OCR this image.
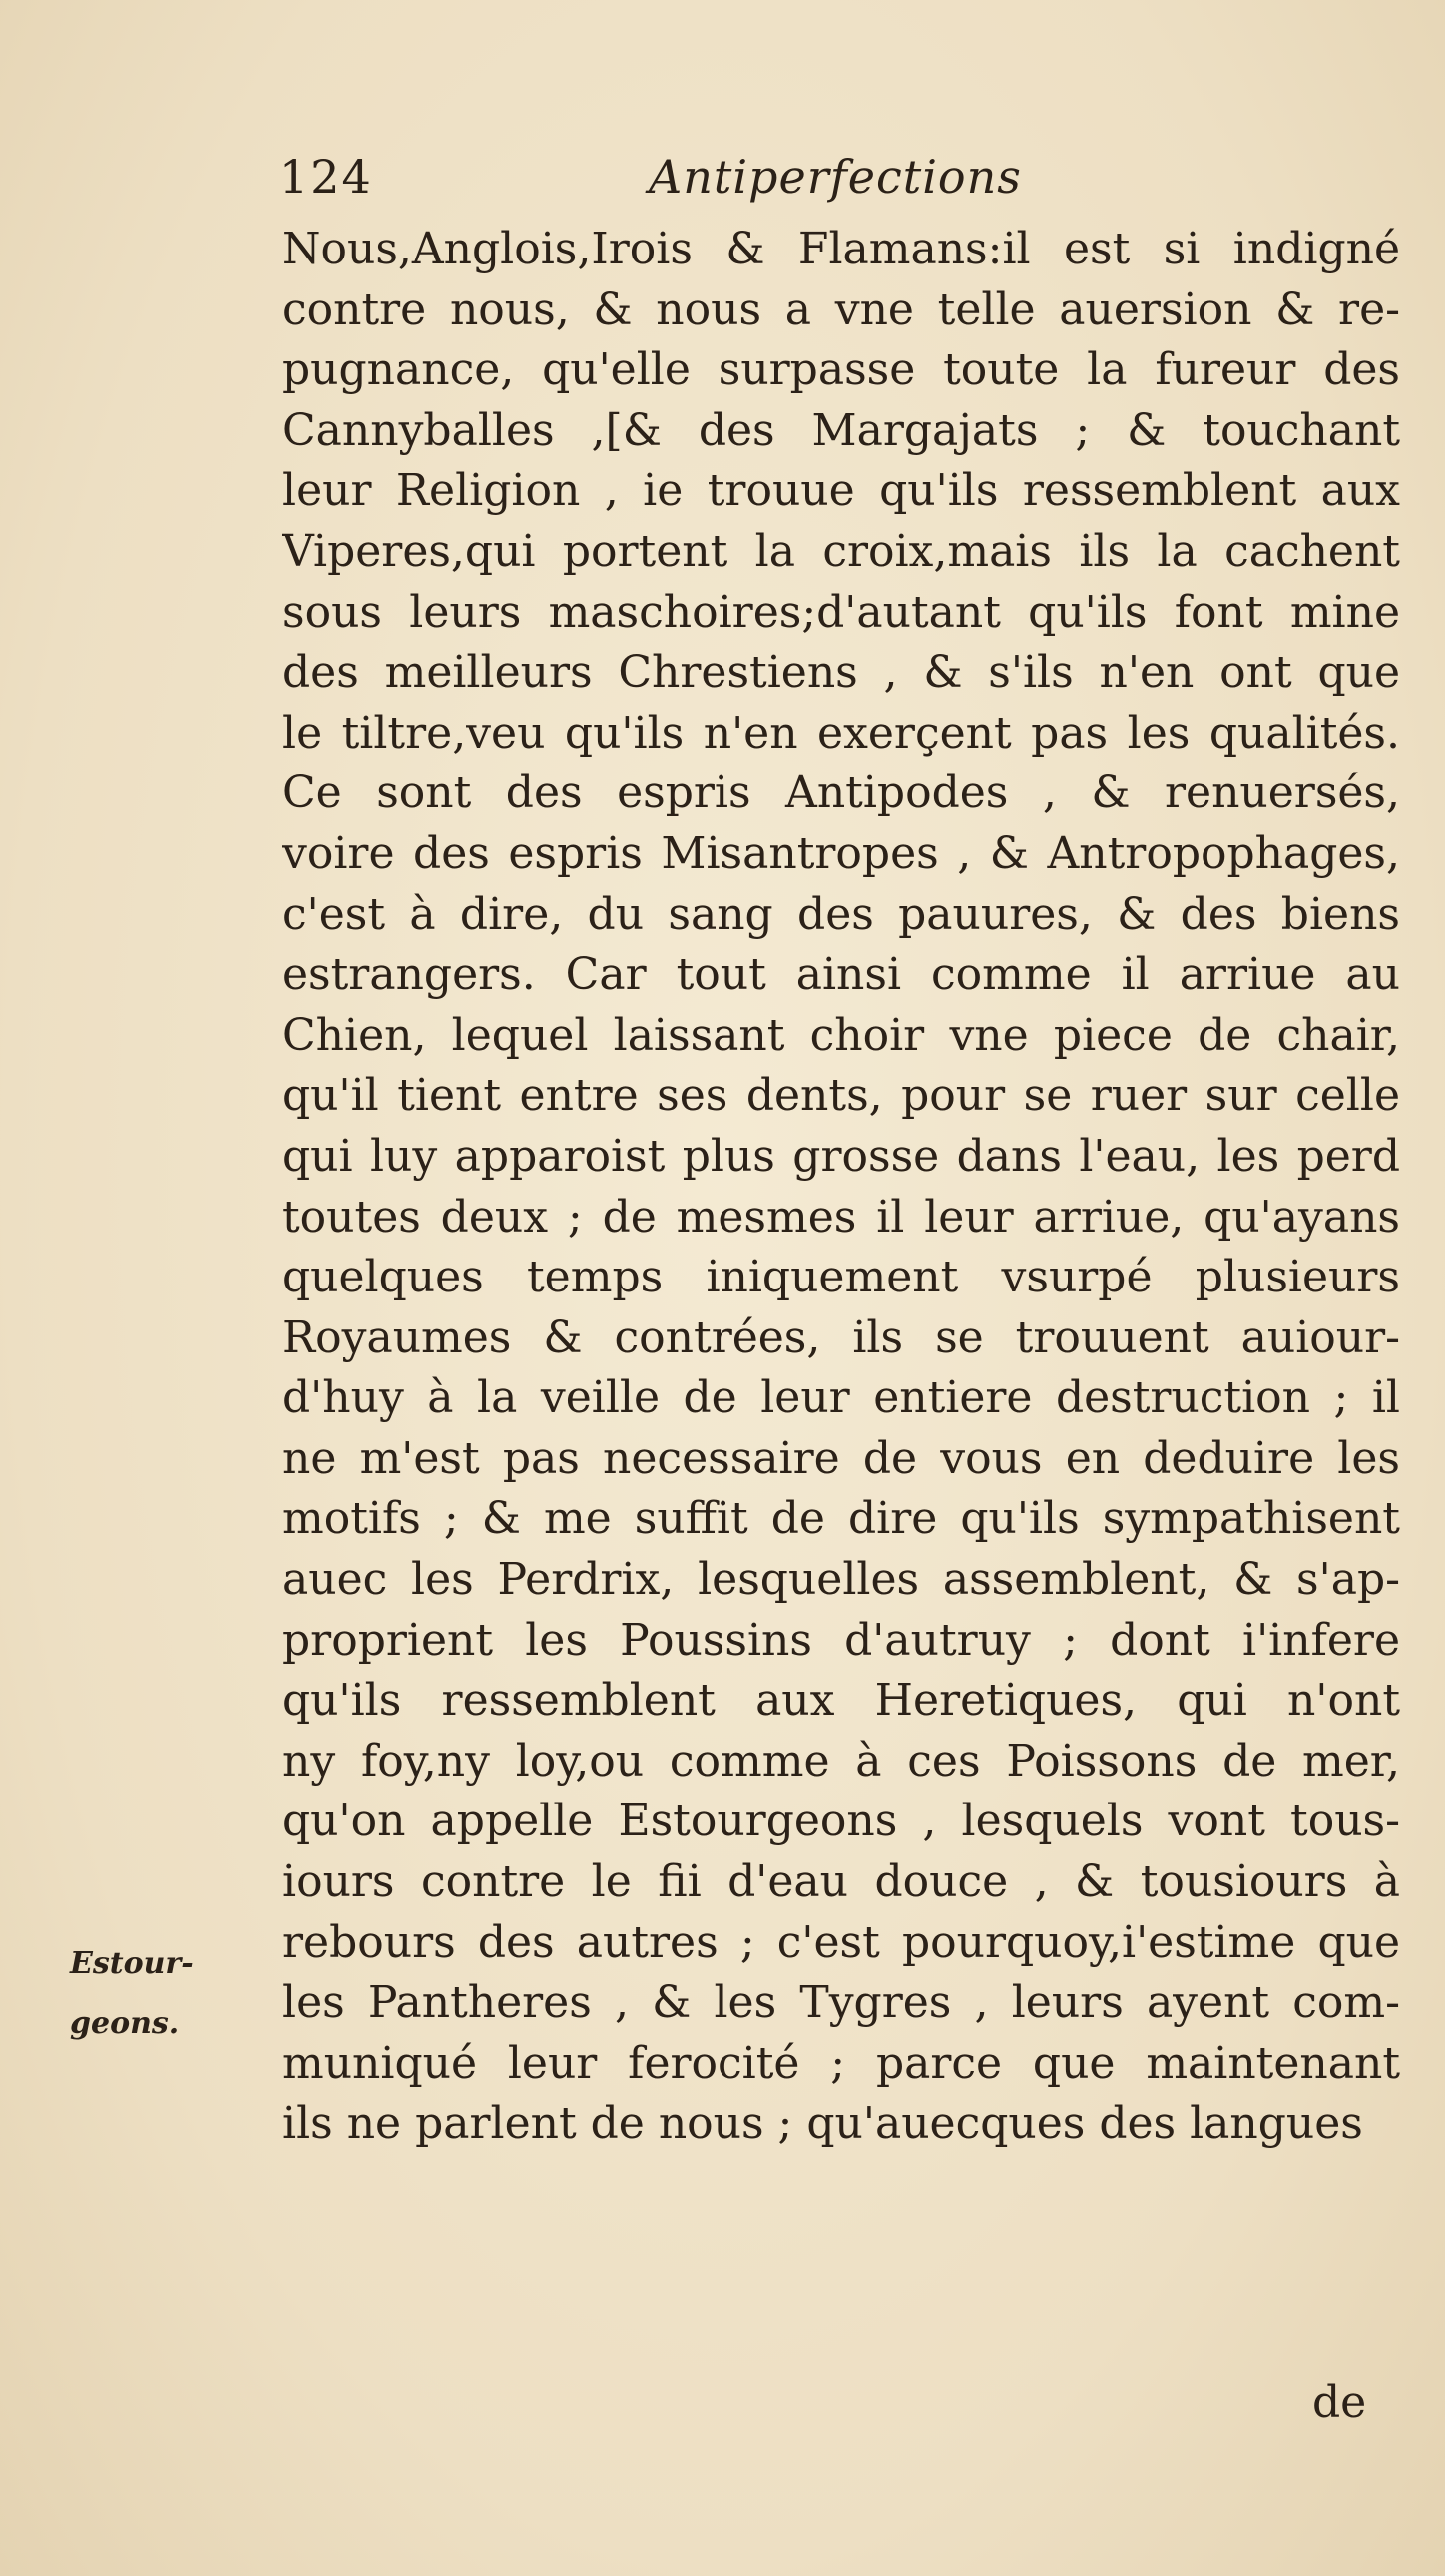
124	Antiperfections
Nous,Anglois,Irois & Flamans:il est si indigné
contre nous, & nous a vne telle auersion & re-
pugnance, qu'elle surpasse toute la fureur des
Cannyballes ,[& des Margajats ; & touchant
leur Religion , ie trouue qu'ils ressemblent aux
Viperes,qui portent la croix,mais ils la cachent
sous leurs maschoires;d'autant qu'ils font mine
des meilleurs Chrestiens , & s'ils n'en ont que
le tiltre,veu qu'ils n'en exerçent pas les qualités.
Ce sont des espris Antipodes , & renuersés,
voire des espris Misantropes , & Antropophages,
c'est à dire, du sang des pauures, & des biens
estrangers. Car tout ainsi comme il arriue au
Chien, lequel laissant choir vne piece de chair,
qu'il tient entre ses dents, pour se ruer sur celle
qui luy apparoist plus grosse dans l'eau, les perd
toutes deux ; de mesmes il leur arriue, qu'ayans
quelques temps iniquement vsurpé plusieurs
Royaumes & contrées, ils se trouuent auiour-
d'huy à la veille de leur entiere destruction ; il
ne m'est pas necessaire de vous en deduire les
motifs ; & me suffit de dire qu'ils sympathisent
auec les Perdrix, lesquelles assemblent, & s'ap-
proprient les Poussins d'autruy ; dont i'infere
qu'ils ressemblent aux Heretiques, qui n'ont
ny foy,ny loy,ou comme à ces Poissons de mer,
qu'on appelle Estourgeons , lesquels vont tous-
iours contre le fii d'eau douce , & tousiours à
rebours des autres ; c'est pourquoy,i'estime que
les Pantheres , & les Tygres , leurs ayent com-
muniqué leur ferocité ; parce que maintenant
ils ne parlent de nous ; qu'auecques des langues
de
Estour-
geons.
